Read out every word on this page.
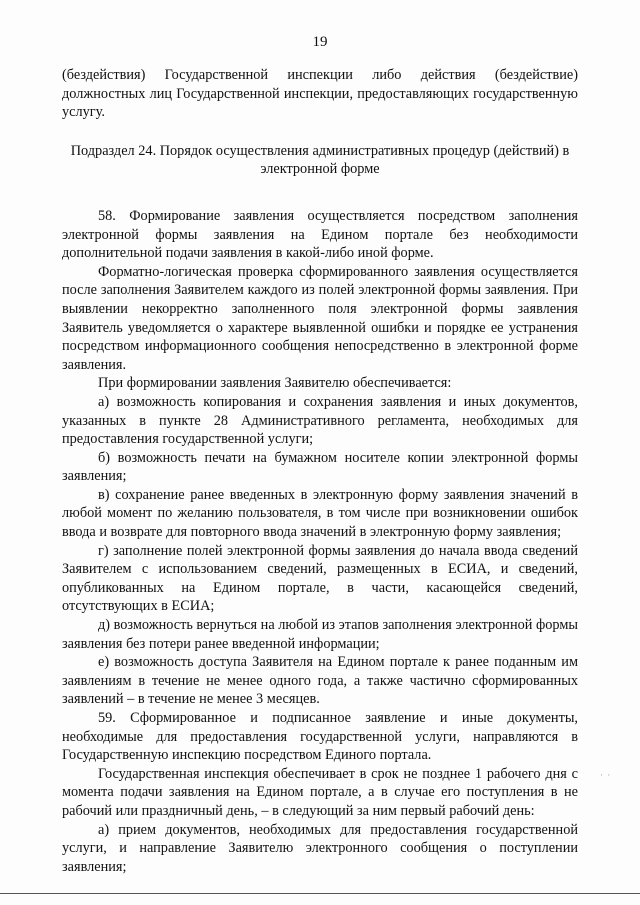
19

(бездействия) Государственной инспекции либо действия (бездействие) должностных лиц Государственной инспекции, предоставляющих государственную услугу.

Подраздел 24. Порядок осуществления административных процедур (действий) в электронной форме

58. Формирование заявления осуществляется посредством заполнения электронной формы заявления на Едином портале без необходимости дополнительной подачи заявления в какой-либо иной форме.

Форматно-логическая проверка сформированного заявления осуществляется после заполнения Заявителем каждого из полей электронной формы заявления. При выявлении некорректно заполненного поля электронной формы заявления Заявитель уведомляется о характере выявленной ошибки и порядке ее устранения посредством информационного сообщения непосредственно в электронной форме заявления.

При формировании заявления Заявителю обеспечивается:

а) возможность копирования и сохранения заявления и иных документов, указанных в пункте 28 Административного регламента, необходимых для предоставления государственной услуги;

б) возможность печати на бумажном носителе копии электронной формы заявления;

в) сохранение ранее введенных в электронную форму заявления значений в любой момент по желанию пользователя, в том числе при возникновении ошибок ввода и возврате для повторного ввода значений в электронную форму заявления;

г) заполнение полей электронной формы заявления до начала ввода сведений Заявителем с использованием сведений, размещенных в ЕСИА, и сведений, опубликованных на Едином портале, в части, касающейся сведений, отсутствующих в ЕСИА;

д) возможность вернуться на любой из этапов заполнения электронной формы заявления без потери ранее введенной информации;

е) возможность доступа Заявителя на Едином портале к ранее поданным им заявлениям в течение не менее одного года, а также частично сформированных заявлений – в течение не менее 3 месяцев.

59. Сформированное и подписанное заявление и иные документы, необходимые для предоставления государственной услуги, направляются в Государственную инспекцию посредством Единого портала.

Государственная инспекция обеспечивает в срок не позднее 1 рабочего дня с момента подачи заявления на Едином портале, а в случае его поступления в не рабочий или праздничный день, – в следующий за ним первый рабочий день:

а) прием документов, необходимых для предоставления государственной услуги, и направление Заявителю электронного сообщения о поступлении заявления;

· ·
